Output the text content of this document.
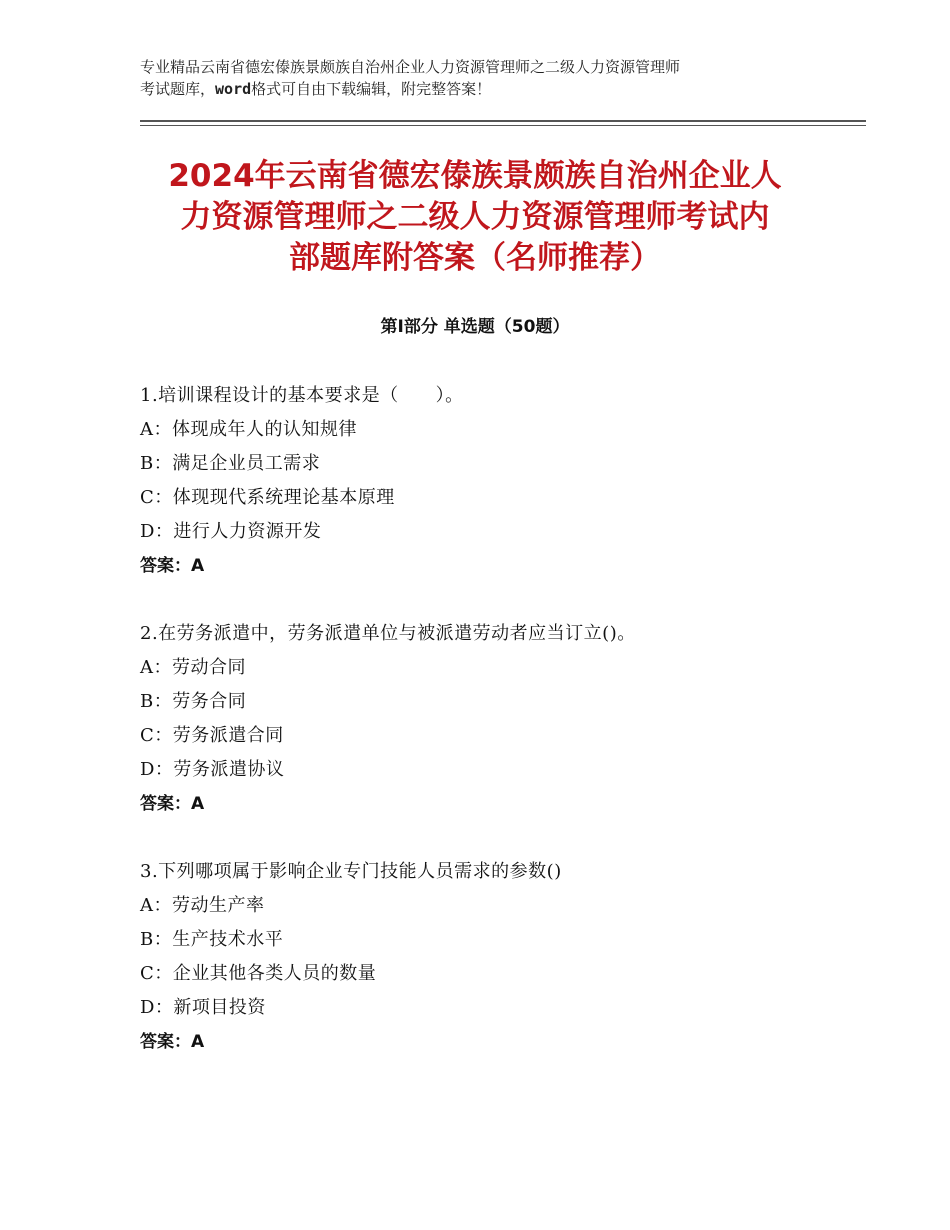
专业精品云南省德宏傣族景颇族自治州企业人力资源管理师之二级人力资源管理师
考试题库，word格式可自由下载编辑，附完整答案！
2024年云南省德宏傣族景颇族自治州企业人
力资源管理师之二级人力资源管理师考试内
部题库附答案（名师推荐）
第Ⅰ部分 单选题（50题）
1.培训课程设计的基本要求是（　　）。
A：体现成年人的认知规律
B：满足企业员工需求
C：体现现代系统理论基本原理
D：进行人力资源开发
答案：A
2.在劳务派遣中，劳务派遣单位与被派遣劳动者应当订立()。
A：劳动合同
B：劳务合同
C：劳务派遣合同
D：劳务派遣协议
答案：A
3.下列哪项属于影响企业专门技能人员需求的参数()
A：劳动生产率
B：生产技术水平
C：企业其他各类人员的数量
D：新项目投资
答案：A
